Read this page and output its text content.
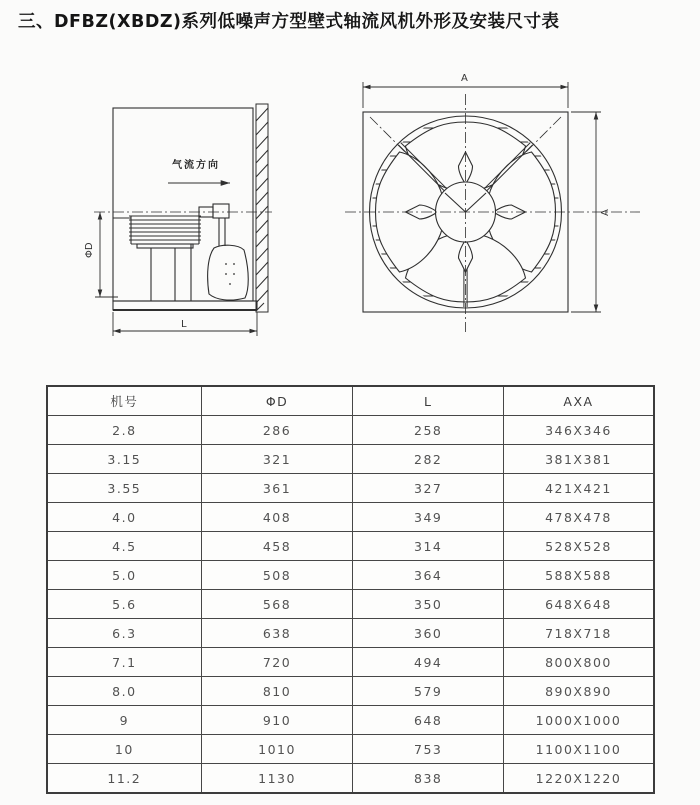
三、DFBZ(XBDZ)系列低噪声方型壁式轴流风机外形及安装尺寸表
气流方向
ΦD
L
A
A
机号	ΦD	L	AXA
2.8	286	258	346X346
3.15	321	282	381X381
3.55	361	327	421X421
4.0	408	349	478X478
4.5	458	314	528X528
5.0	508	364	588X588
5.6	568	350	648X648
6.3	638	360	718X718
7.1	720	494	800X800
8.0	810	579	890X890
9	910	648	1000X1000
10	1010	753	1100X1100
11.2	1130	838	1220X1220
